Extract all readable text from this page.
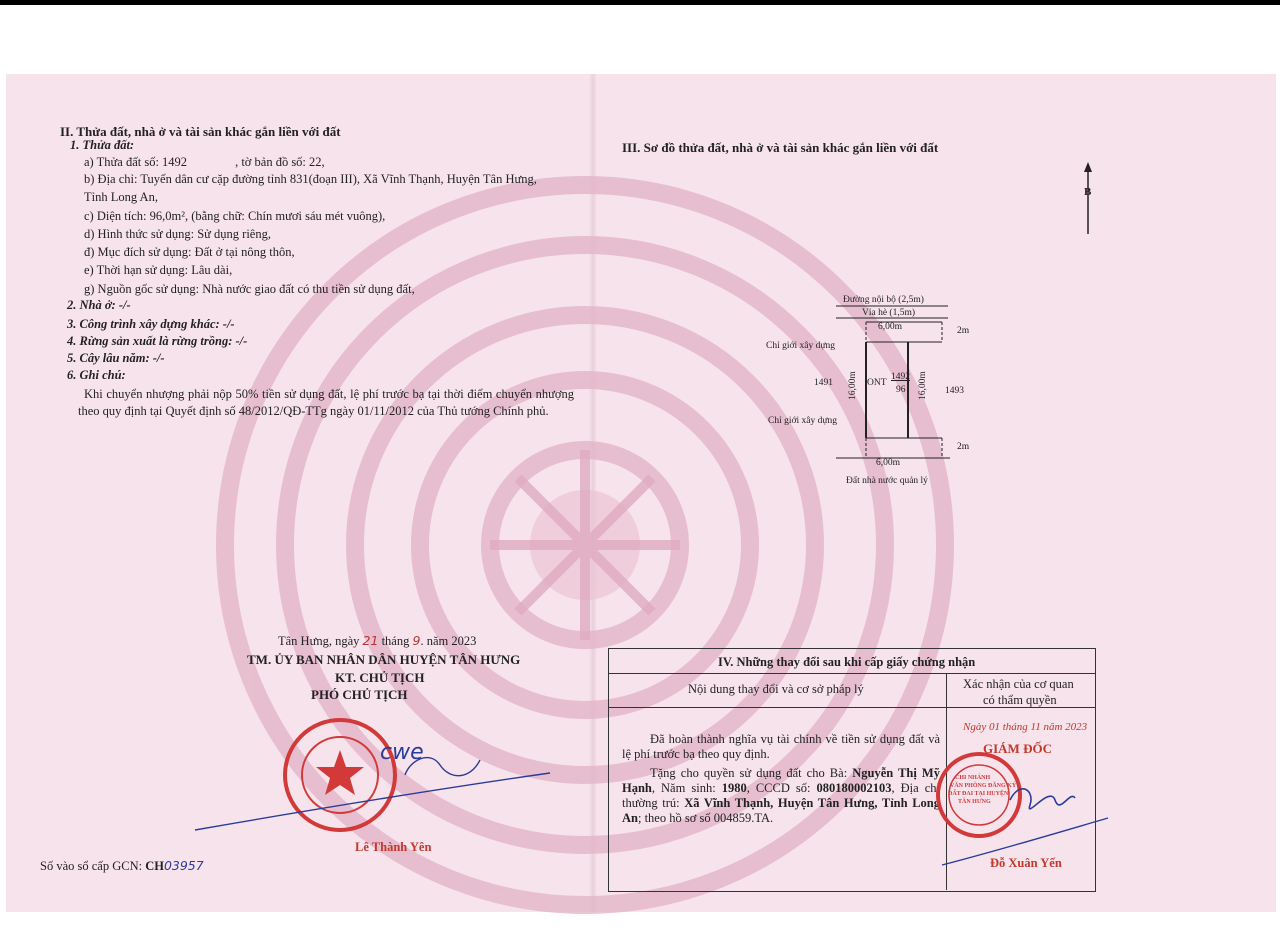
II. Thửa đất, nhà ở và tài sản khác gắn liền với đất
1. Thửa đất:
a) Thửa đất số: 1492	, tờ bản đồ số: 22,
b) Địa chỉ: Tuyến dân cư cặp đường tỉnh 831(đoạn III), Xã Vĩnh Thạnh, Huyện Tân Hưng,
Tỉnh Long An,
c) Diện tích: 96,0m², (bằng chữ: Chín mươi sáu mét vuông),
d) Hình thức sử dụng: Sử dụng riêng,
đ) Mục đích sử dụng: Đất ở tại nông thôn,
e) Thời hạn sử dụng: Lâu dài,
g) Nguồn gốc sử dụng: Nhà nước giao đất có thu tiền sử dụng đất,
2. Nhà ở: -/-
3. Công trình xây dựng khác: -/-
4. Rừng sản xuất là rừng trồng: -/-
5. Cây lâu năm: -/-
6. Ghi chú:
Khi chuyển nhượng phải nộp 50% tiền sử dụng đất, lệ phí trước bạ tại thời điểm chuyển nhượng theo quy định tại Quyết định số 48/2012/QĐ-TTg ngày 01/11/2012 của Thủ tướng Chính phủ.
Tân Hưng, ngày 21 tháng 9. năm 2023
TM. ỦY BAN NHÂN DÂN HUYỆN TÂN HƯNG
KT. CHỦ TỊCH
PHÓ CHỦ TỊCH
cwe
Lê Thành Yên
Số vào sổ cấp GCN: CH03957
III. Sơ đồ thửa đất, nhà ở và tài sản khác gắn liền với đất
B
Đường nội bộ (2,5m)
Vỉa hè (1,5m)
6,00m	2m
Chỉ giới xây dựng
1491 16,00m ONT
1492
96 16,00m 1493
Chỉ giới xây dựng
2m
6,00m
Đất nhà nước quản lý
IV. Những thay đổi sau khi cấp giấy chứng nhận
Nội dung thay đổi và cơ sở pháp lý	Xác nhận của cơ quan
có thẩm quyền
Đã hoàn thành nghĩa vụ tài chính về tiền sử dụng đất và lệ phí trước bạ theo quy định.
Tặng cho quyền sử dụng đất cho Bà: Nguyễn Thị Mỹ Hạnh, Năm sinh: 1980, CCCD số: 080180002103, Địa chỉ thường trú: Xã Vĩnh Thạnh, Huyện Tân Hưng, Tỉnh Long An; theo hồ sơ số 004859.TA.
Ngày 01 tháng 11 năm 2023
GIÁM ĐỐC
CHI NHÁNH
VĂN PHÒNG ĐĂNG KÝ
ĐẤT ĐAI TẠI HUYỆN
TÂN HƯNG
Đỗ Xuân Yến
